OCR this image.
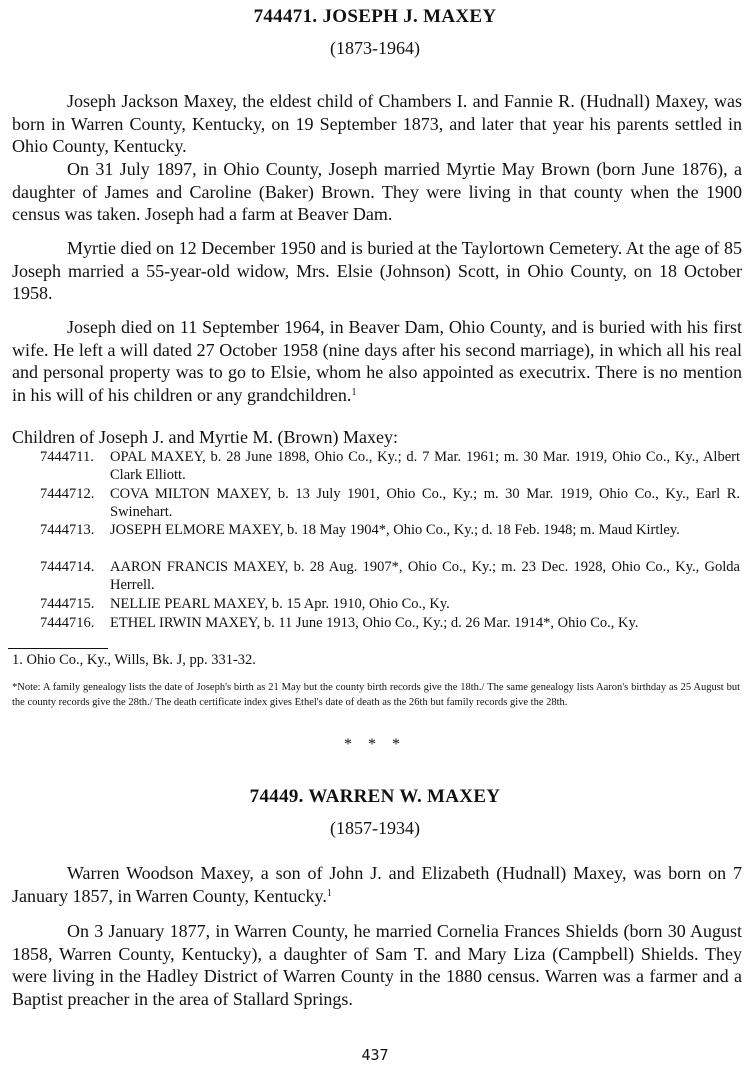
744471. JOSEPH J. MAXEY
(1873-1964)

Joseph Jackson Maxey, the eldest child of Chambers I. and Fannie R. (Hudnall) Maxey, was born in Warren County, Kentucky, on 19 September 1873, and later that year his parents settled in Ohio County, Kentucky.

On 31 July 1897, in Ohio County, Joseph married Myrtie May Brown (born June 1876), a daughter of James and Caroline (Baker) Brown. They were living in that county when the 1900 census was taken. Joseph had a farm at Beaver Dam.

Myrtie died on 12 December 1950 and is buried at the Taylortown Cemetery. At the age of 85 Joseph married a 55-year-old widow, Mrs. Elsie (Johnson) Scott, in Ohio County, on 18 October 1958.

Joseph died on 11 September 1964, in Beaver Dam, Ohio County, and is buried with his first wife. He left a will dated 27 October 1958 (nine days after his second marriage), in which all his real and personal property was to go to Elsie, whom he also appointed as executrix. There is no mention in his will of his children or any grandchildren.$^1$

Children of Joseph J. and Myrtie M. (Brown) Maxey:

7444711.	OPAL MAXEY, b. 28 June 1898, Ohio Co., Ky.; d. 7 Mar. 1961; m. 30 Mar. 1919, Ohio Co., Ky., Albert Clark Elliott.
7444712.	COVA MILTON MAXEY, b. 13 July 1901, Ohio Co., Ky.; m. 30 Mar. 1919, Ohio Co., Ky., Earl R. Swinehart.
7444713.	JOSEPH ELMORE MAXEY, b. 18 May 1904*, Ohio Co., Ky.; d. 18 Feb. 1948; m. Maud Kirtley.
7444714.	AARON FRANCIS MAXEY, b. 28 Aug. 1907*, Ohio Co., Ky.; m. 23 Dec. 1928, Ohio Co., Ky., Golda Herrell.
7444715.	NELLIE PEARL MAXEY, b. 15 Apr. 1910, Ohio Co., Ky.
7444716.	ETHEL IRWIN MAXEY, b. 11 June 1913, Ohio Co., Ky.; d. 26 Mar. 1914*, Ohio Co., Ky.
1. Ohio Co., Ky., Wills, Bk. J, pp. 331-32.
*Note: A family genealogy lists the date of Joseph's birth as 21 May but the county birth records give the 18th./ The same genealogy lists Aaron's birthday as 25 August but the county records give the 28th./ The death certificate index gives Ethel's date of death as the 26th but family records give the 28th.
* * *
74449. WARREN W. MAXEY
(1857-1934)

Warren Woodson Maxey, a son of John J. and Elizabeth (Hudnall) Maxey, was born on 7 January 1857, in Warren County, Kentucky.$^1$

On 3 January 1877, in Warren County, he married Cornelia Frances Shields (born 30 August 1858, Warren County, Kentucky), a daughter of Sam T. and Mary Liza (Campbell) Shields. They were living in the Hadley District of Warren County in the 1880 census. Warren was a farmer and a Baptist preacher in the area of Stallard Springs.

437
